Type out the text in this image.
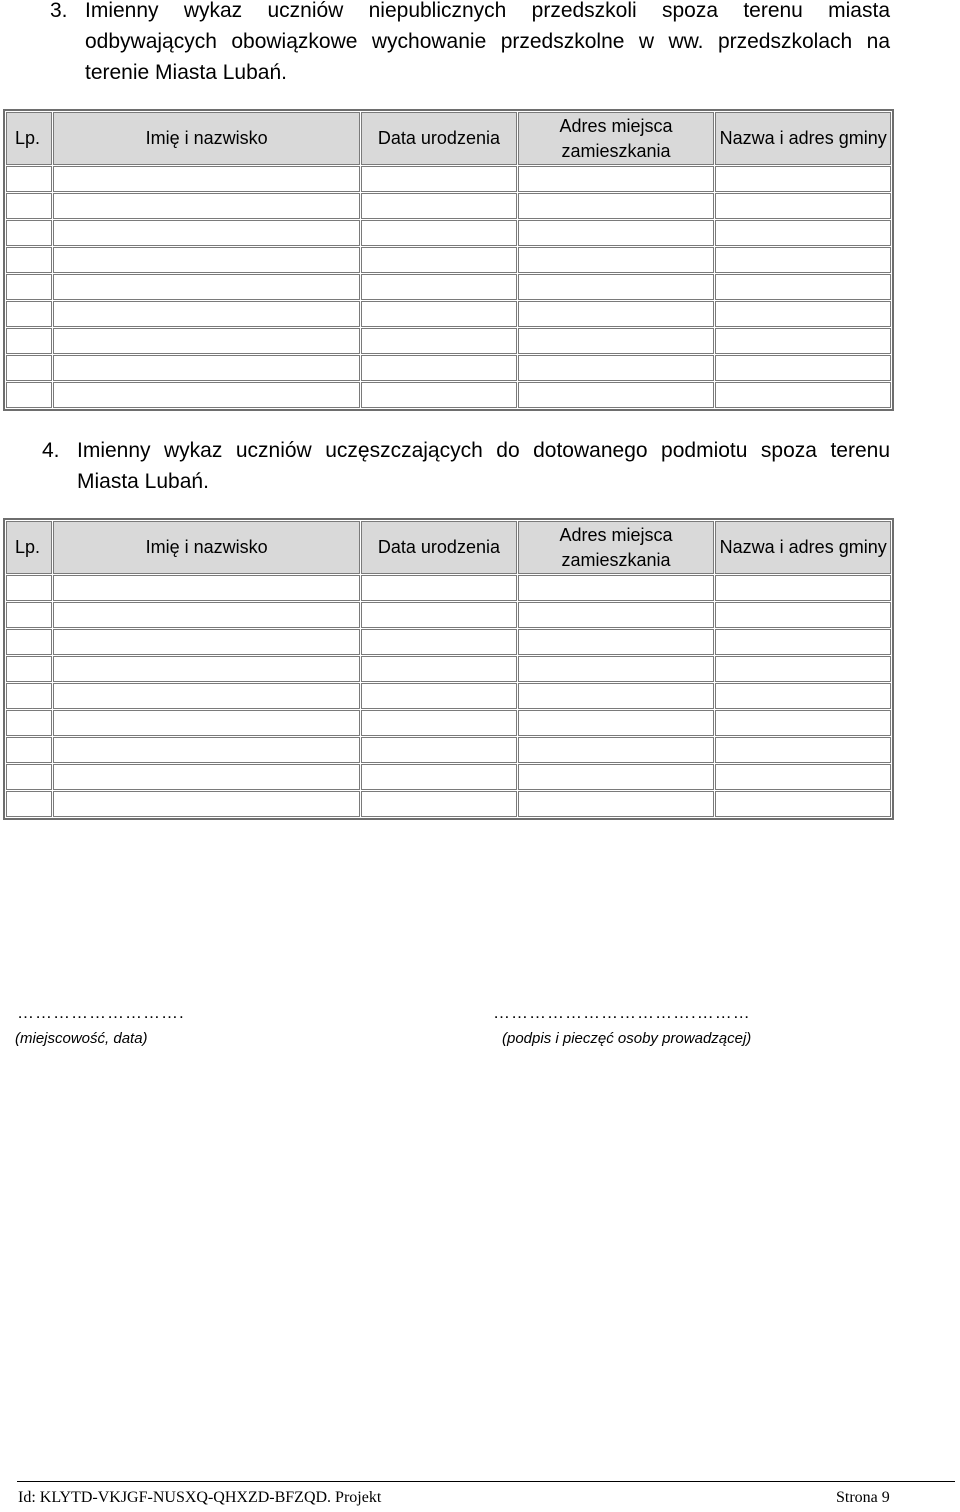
3. Imienny wykaz uczniów niepublicznych przedszkoli spoza terenu miasta odbywających obowiązkowe wychowanie przedszkolne w ww. przedszkolach na terenie Miasta Lubań.
Lp.	Imię i nazwisko	Data urodzenia	Adres miejsca zamieszkania	Nazwa i adres gminy

4. Imienny wykaz uczniów uczęszczających do dotowanego podmiotu spoza terenu Miasta Lubań.
Lp.	Imię i nazwisko	Data urodzenia	Adres miejsca zamieszkania	Nazwa i adres gminy

……………………….
(miejscowość, data)
…………………………….………
(podpis i pieczęć osoby prowadzącej)
Id: KLYTD-VKJGF-NUSXQ-QHXZD-BFZQD. Projekt	Strona 9
